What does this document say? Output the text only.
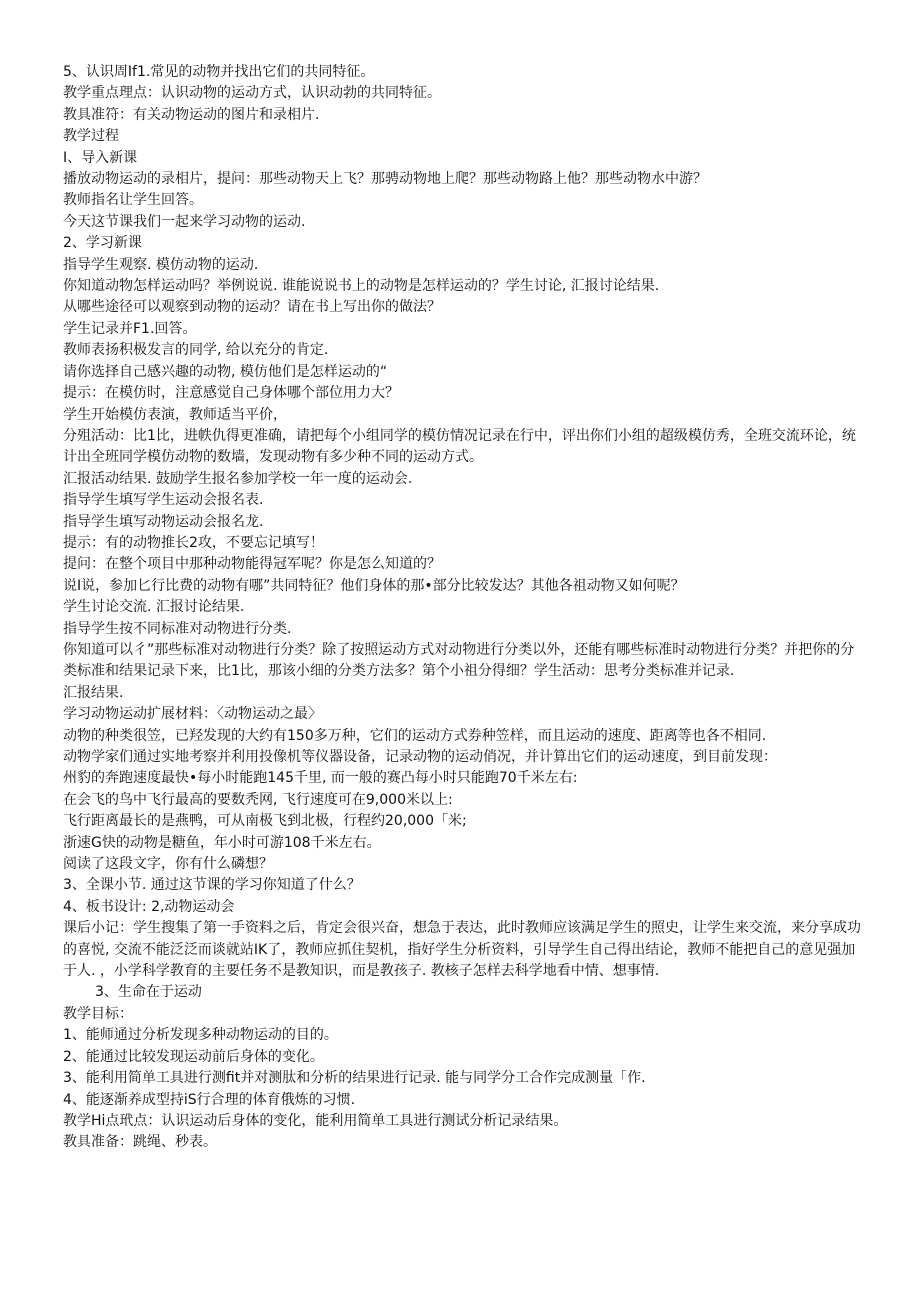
5、认识周If1.常见的动物并找出它们的共同特征。

教学重点理点：认识动物的运动方式，认识动勃的共同特征。

教具准符：有关动物运动的图片和录相片.

教学过程

I、导入新课

播放动物运动的录相片，提问：那些动物天上飞？那骋动物地上爬？那些动物路上他？那些动物水中游？

教师指名让学生回答。

今天这节课我们一起来学习动物的运动.

2、学习新课

指导学生观察. 模仿动物的运动.

你知道动物怎样运动吗？举例说说. 谁能说说书上的动物是怎样运动的？学生讨论, 汇报讨论结果.

从哪些途径可以观察到动物的运动？请在书上写出你的做法？

学生记录并F1.回答。

教师表扬积极发言的同学, 给以充分的肯定.

请你选择自己感兴趣的动物, 模仿他们是怎样运动的“

提示：在模仿时，注意感觉自己身体哪个部位用力大？

学生开始模仿表演，教师适当平价，

分殂活动：比1比，进帙仇得更准确，请把每个小组同学的模仿情况记录在行中，评出你们小组的超级模仿秀，全班交流环论，统计出全班同学模仿动物的数墙，发现动物有多少种不同的运动方式。

汇报活动结果. 鼓励学生报名参加学校一年一度的运动会.

指导学生填写学生运动会报名表.

指导学生填写动物运动会报名龙.

提示：有的动物推长2攻，不要忘记填写！

提问：在整个项目中那种动物能得冠军呢？你是怎么知道的？

说I说，参加匕行比费的动物有哪”共同特征？他们身体的那•部分比较发达？其他各祖动物又如何呢？

学生讨论交流. 汇报讨论结果.

指导学生按不同标准对动物进行分类.

你知道可以彳”那些标准对动物进行分类？除了按照运动方式对动物进行分类以外，还能有哪些标准时动物进行分类？并把你的分类标准和结果记录下来，比1比，那该小细的分类方法多？第个小祖分得细？学生活动：思考分类标准并记录.

汇报结果.

学习动物运动扩展材料：〈动物运动之最〉

动物的种类很笠，已羟发现的大约有150多万种，它们的运动方式券种笠样，而且运动的速度、距离等也各不相同.

动物学家们通过实地考察并利用投像机等仪器设备，记录动物的运动俏况，并计算出它们的运动速度，到目前发现：

州豹的奔跑速度最快•每小时能跑145千里, 而一般的赛凸每小时只能跑70千米左右:

在会飞的鸟中飞行最高的要数秃网, 飞行速度可在9,000米以上:

飞行距离最长的是燕鸭，可从南极飞到北极，行程约20,000「米;

浙速G快的动物是糖鱼，年小时可游108千米左右。

阅读了这段文字，你有什么磷想？

3、全课小节. 通过这节课的学习你知道了什么？

4、板书设计: 2,动物运动会

课后小记：学生搜集了第一手资料之后，肯定会很兴奋，想急于表达，此时教师应该满足学生的照史，让学生来交流，来分享成功的喜悦, 交流不能泛泛而谈就站IK了，教师应抓住契机，指好学生分析资料，引导学生自己得出结论，教师不能把自己的意见强加于人. ，小学科学教育的主要任务不是教知识，而是教孩子. 教核子怎样去科学地看中情、想事情.

3、生命在于运动

教学目标：

1、能师通过分析发现多种动物运动的目的。

2、能通过比较发现运动前后身体的变化。

3、能利用简单工具进行测fit并对测肽和分析的结果进行记录. 能与同学分工合作完成测量「作.

4、能逐渐养成型持iS行合理的体育俄炼的习惯.

教学Hi点玳点：认识运动后身体的变化，能利用简单工具进行测试分析记录结果。

教具准备：跳绳、秒表。
